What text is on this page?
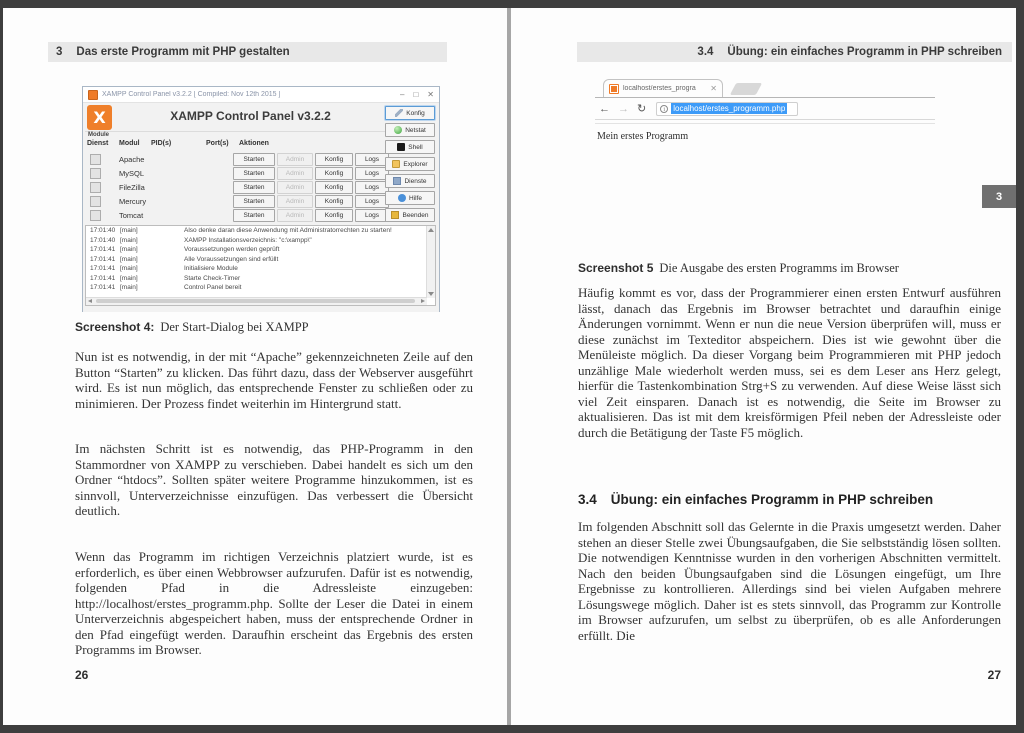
3
3 Das erste Programm mit PHP gestalten
XAMPP Control Panel v3.2.2 [ Compiled: Nov 12th 2015 ]	– □ ✕
X	XAMPP Control Panel v3.2.2	Konfig
Module
Dienst Modul PID(s)	Port(s) Aktionen
Apache	Starten	Admin	Konfig	Logs
MySQL	Starten	Admin	Konfig	Logs
FileZilla	Starten	Admin	Konfig	Logs
Mercury	Starten	Admin	Konfig	Logs
Tomcat	Starten	Admin	Konfig	Logs
Netstat
Shell
Explorer
Dienste
Hilfe
Beenden
17:01:40 [main]	Also denke daran diese Anwendung mit Administratorrechten zu starten!
17:01:40 [main]	XAMPP Installationsverzeichnis: "c:\xampp\"
17:01:41 [main]	Voraussetzungen werden geprüft
17:01:41 [main]	Alle Voraussetzungen sind erfüllt
17:01:41 [main]	Initialisiere Module
17:01:41 [main]	Starte Check-Timer
17:01:41 [main]	Control Panel bereit
Screenshot 4: Der Start-Dialog bei XAMPP

Nun ist es notwendig, in der mit “Apache” gekennzeichneten Zeile auf den Button “Starten” zu klicken. Das führt dazu, dass der Webserver ausgeführt wird. Es ist nun möglich, das entsprechende Fenster zu schließen oder zu minimieren. Der Prozess findet weiterhin im Hintergrund statt.

Im nächsten Schritt ist es notwendig, das PHP-Programm in den Stammordner von XAMPP zu verschieben. Dabei handelt es sich um den Ordner “htdocs”. Sollten später weitere Programme hinzukommen, ist es sinnvoll, Unterverzeichnisse einzufügen. Das verbessert die Übersicht deutlich.

Wenn das Programm im richtigen Verzeichnis platziert wurde, ist es erforderlich, es über einen Webbrowser aufzurufen. Dafür ist es notwendig, folgenden Pfad in die Adressleiste einzugeben: http://localhost/erstes_programm.php. Sollte der Leser die Datei in einem Unterverzeichnis abgespeichert haben, muss der entsprechende Ordner in den Pfad eingefügt werden. Daraufhin erscheint das Ergebnis des ersten Programms im Browser.

26
3.4 Übung: ein einfaches Programm in PHP schreiben
localhost/erstes_progra	✕
← → ↻	i	localhost/erstes_programm.php
Mein erstes Programm
Screenshot 5 Die Ausgabe des ersten Programms im Browser

Häufig kommt es vor, dass der Programmierer einen ersten Entwurf ausführen lässt, danach das Ergebnis im Browser betrachtet und daraufhin einige Änderungen vornimmt. Wenn er nun die neue Version überprüfen will, muss er diese zunächst im Texteditor abspeichern. Dies ist wie gewohnt über die Menüleiste möglich. Da dieser Vorgang beim Programmieren mit PHP jedoch unzählige Male wiederholt werden muss, sei es dem Leser ans Herz gelegt, hierfür die Tastenkombination Strg+S zu verwenden. Auf diese Weise lässt sich viel Zeit einsparen. Danach ist es notwendig, die Seite im Browser zu aktualisieren. Das ist mit dem kreisförmigen Pfeil neben der Adressleiste oder durch die Betätigung der Taste F5 möglich.

3.4 Übung: ein einfaches Programm in PHP schreiben

Im folgenden Abschnitt soll das Gelernte in die Praxis umgesetzt werden. Daher stehen an dieser Stelle zwei Übungsaufgaben, die Sie selbstständig lösen sollten. Die notwendigen Kenntnisse wurden in den vorherigen Abschnitten vermittelt. Nach den beiden Übungsaufgaben sind die Lösungen eingefügt, um Ihre Ergebnisse zu kontrollieren. Allerdings sind bei vielen Aufgaben mehrere Lösungswege möglich. Daher ist es stets sinnvoll, das Programm zur Kontrolle im Browser aufzurufen, um selbst zu überprüfen, ob es alle Anforderungen erfüllt. Die

27
